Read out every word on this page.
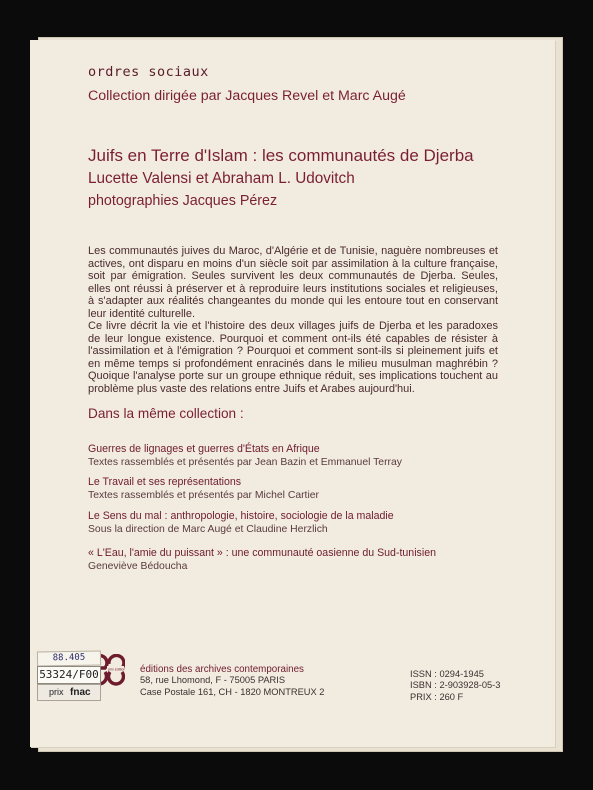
ordres sociaux
Collection dirigée par Jacques Revel et Marc Augé
Juifs en Terre d'Islam : les communautés de Djerba
Lucette Valensi et Abraham L. Udovitch
photographies Jacques Pérez

Les communautés juives du Maroc, d'Algérie et de Tunisie, naguère nombreuses et actives, ont disparu en moins d'un siècle soit par assimilation à la culture française, soit par émigration. Seules survivent les deux communautés de Djerba. Seules, elles ont réussi à préserver et à reproduire leurs institutions sociales et religieuses, à s'adapter aux réalités changeantes du monde qui les entoure tout en conservant leur identité culturelle.

Ce livre décrit la vie et l'histoire des deux villages juifs de Djerba et les paradoxes de leur longue existence. Pourquoi et comment ont-ils été capables de résister à l'assimilation et à l'émigration ? Pourquoi et comment sont-ils si pleinement juifs et en même temps si profondément enracinés dans le milieu musulman maghrébin ? Quoique l'analyse porte sur un groupe ethnique réduit, ses implications touchent au problème plus vaste des relations entre Juifs et Arabes aujourd'hui.

Dans la même collection :
Guerres de lignages et guerres d'États en Afrique
Textes rassemblés et présentés par Jean Bazin et Emmanuel Terray
Le Travail et ses représentations
Textes rassemblés et présentés par Michel Cartier
Le Sens du mal : anthropologie, histoire, sociologie de la maladie
Sous la direction de Marc Augé et Claudine Herzlich
« L'Eau, l'amie du puissant » : une communauté oasienne du Sud-tunisien
Geneviève Bédoucha
prix édition éditions des archives contemporaines
58, rue Lhomond, F - 75005 PARIS
Case Postale 161, CH - 1820 MONTREUX 2
ISSN : 0294-1945
ISBN : 2-903928-05-3
PRIX : 260 F
88.405
53324/F00
prix fnac
